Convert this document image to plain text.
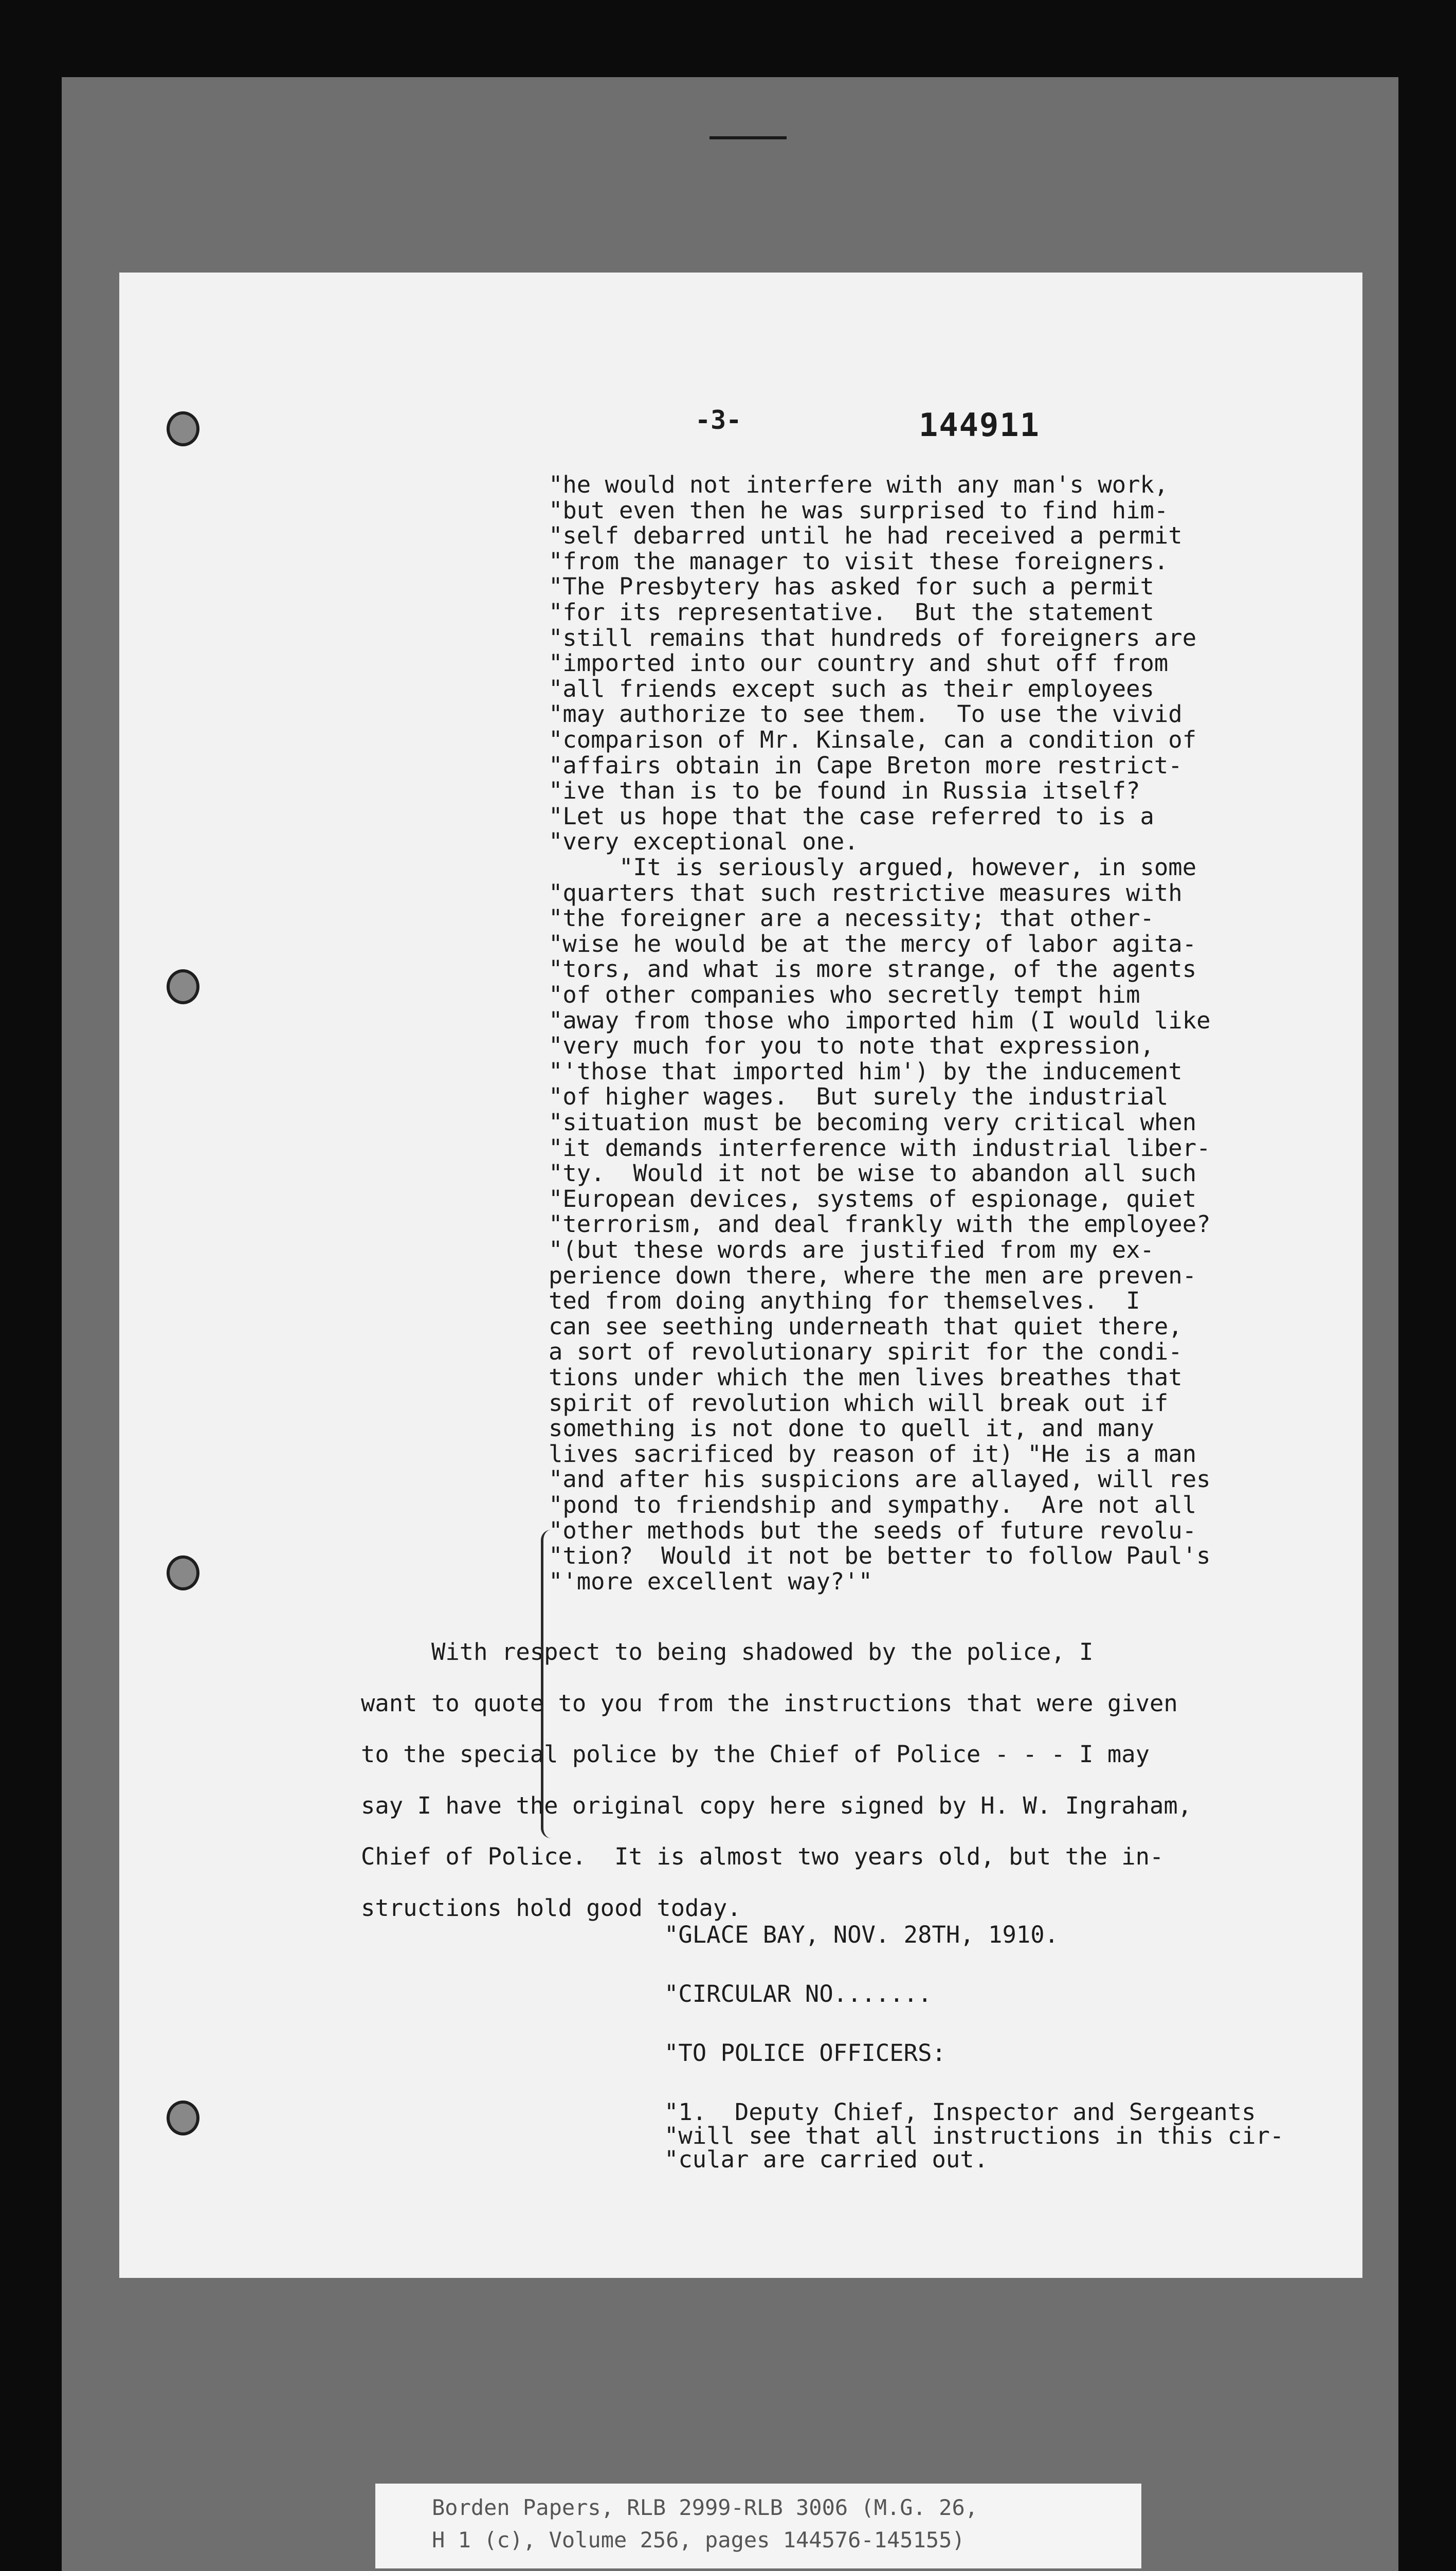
-3-	144911
"he would not interfere with any man's work,
"but even then he was surprised to find him-
"self debarred until he had received a permit
"from the manager to visit these foreigners.
"The Presbytery has asked for such a permit
"for its representative.  But the statement
"still remains that hundreds of foreigners are
"imported into our country and shut off from
"all friends except such as their employees
"may authorize to see them.  To use the vivid
"comparison of Mr. Kinsale, can a condition of
"affairs obtain in Cape Breton more restrict-
"ive than is to be found in Russia itself?
"Let us hope that the case referred to is a
"very exceptional one.
"It is seriously argued, however, in some
"quarters that such restrictive measures with
"the foreigner are a necessity; that other-
"wise he would be at the mercy of labor agita-
"tors, and what is more strange, of the agents
"of other companies who secretly tempt him
"away from those who imported him (I would like
"very much for you to note that expression,
"'those that imported him') by the inducement
"of higher wages.  But surely the industrial
"situation must be becoming very critical when
"it demands interference with industrial liber-
"ty.  Would it not be wise to abandon all such
"European devices, systems of espionage, quiet
"terrorism, and deal frankly with the employee?
"(but these words are justified from my ex-
perience down there, where the men are preven-
ted from doing anything for themselves.  I
can see seething underneath that quiet there,
a sort of revolutionary spirit for the condi-
tions under which the men lives breathes that
spirit of revolution which will break out if
something is not done to quell it, and many
lives sacrificed by reason of it) "He is a man
"and after his suspicions are allayed, will res
"pond to friendship and sympathy.  Are not all
"other methods but the seeds of future revolu-
"tion?  Would it not be better to follow Paul's
"'more excellent way?'"
With respect to being shadowed by the police, I
want to quote to you from the instructions that were given
to the special police by the Chief of Police - - - I may
say I have the original copy here signed by H. W. Ingraham,
Chief of Police.  It is almost two years old, but the in-
structions hold good today.
"GLACE BAY, NOV. 28TH, 1910.
"CIRCULAR NO.......
"TO POLICE OFFICERS:
"1.  Deputy Chief, Inspector and Sergeants
"will see that all instructions in this cir-
"cular are carried out.
Borden Papers, RLB 2999-RLB 3006 (M.G. 26,
H 1 (c), Volume 256, pages 144576-145155)
